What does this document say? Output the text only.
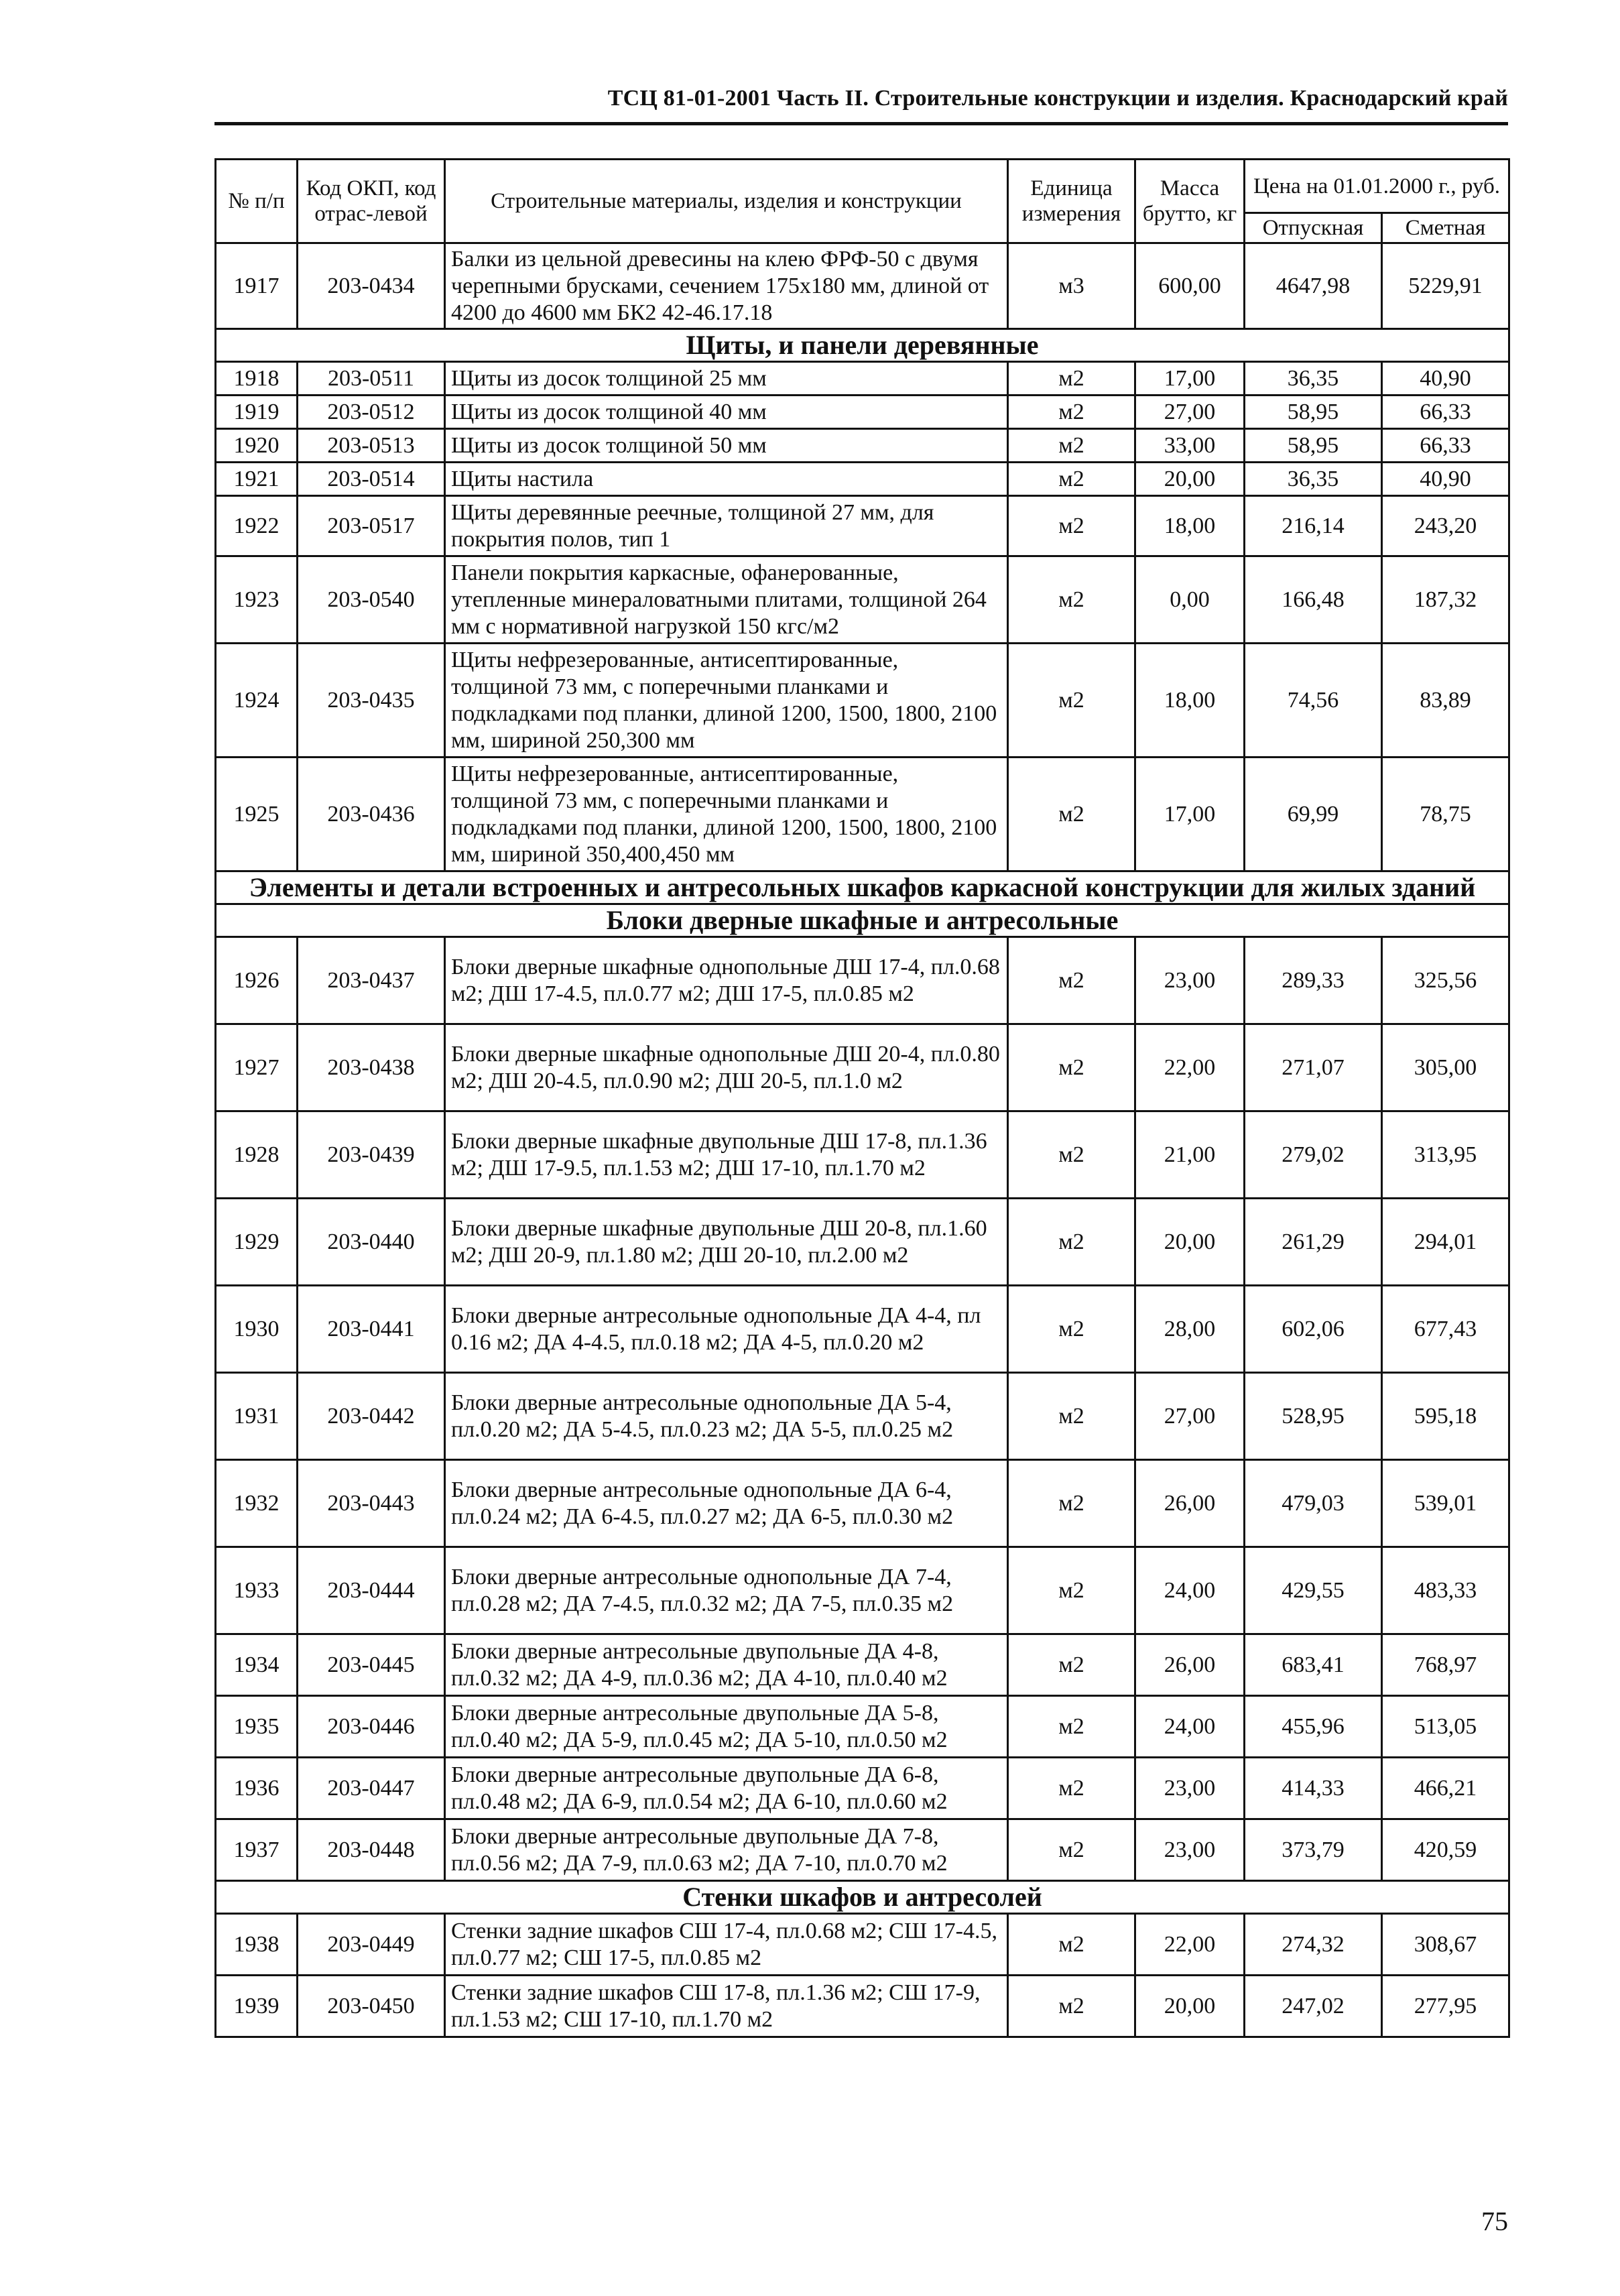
ТСЦ 81-01-2001 Часть II. Строительные конструкции и изделия. Краснодарский край
№ п/п	Код ОКП, код отрас-левой	Строительные материалы, изделия и конструкции	Единица измерения	Масса брутто, кг	Цена на 01.01.2000 г., руб.	
					Отпускная	Сметная
1917	203-0434	Балки из цельной древесины на клею ФРФ-50 с двумя черепными брусками, сечением 175х180 мм, длиной от 4200 до 4600 мм БК2 42-46.17.18	м3	600,00	4647,98	5229,91
Щиты, и панели деревянные						
1918	203-0511	Щиты из досок толщиной 25 мм	м2	17,00	36,35	40,90
1919	203-0512	Щиты из досок толщиной 40 мм	м2	27,00	58,95	66,33
1920	203-0513	Щиты из досок толщиной 50 мм	м2	33,00	58,95	66,33
1921	203-0514	Щиты настила	м2	20,00	36,35	40,90
1922	203-0517	Щиты деревянные реечные, толщиной 27 мм, для покрытия полов, тип 1	м2	18,00	216,14	243,20
1923	203-0540	Панели покрытия каркасные, офанерованные, утепленные минераловатными плитами, толщиной 264 мм с нормативной нагрузкой 150 кгс/м2	м2	0,00	166,48	187,32
1924	203-0435	Щиты нефрезерованные, антисептированные, толщиной 73 мм, с поперечными планками и подкладками под планки, длиной 1200, 1500, 1800, 2100 мм, шириной 250,300 мм	м2	18,00	74,56	83,89
1925	203-0436	Щиты нефрезерованные, антисептированные, толщиной 73 мм, с поперечными планками и подкладками под планки, длиной 1200, 1500, 1800, 2100 мм, шириной 350,400,450 мм	м2	17,00	69,99	78,75
Элементы и детали встроенных и антресольных шкафов каркасной конструкции для жилых зданий						
Блоки дверные шкафные и антресольные						
1926	203-0437	Блоки дверные шкафные однопольные ДШ 17-4, пл.0.68 м2; ДШ 17-4.5, пл.0.77 м2; ДШ 17-5, пл.0.85 м2	м2	23,00	289,33	325,56
1927	203-0438	Блоки дверные шкафные однопольные ДШ 20-4, пл.0.80 м2; ДШ 20-4.5, пл.0.90 м2; ДШ 20-5, пл.1.0 м2	м2	22,00	271,07	305,00
1928	203-0439	Блоки дверные шкафные двупольные ДШ 17-8, пл.1.36 м2; ДШ 17-9.5, пл.1.53 м2; ДШ 17-10, пл.1.70 м2	м2	21,00	279,02	313,95
1929	203-0440	Блоки дверные шкафные двупольные ДШ 20-8, пл.1.60 м2; ДШ 20-9, пл.1.80 м2; ДШ 20-10, пл.2.00 м2	м2	20,00	261,29	294,01
1930	203-0441	Блоки дверные антресольные однопольные ДА 4-4, пл 0.16 м2; ДА 4-4.5, пл.0.18 м2; ДА 4-5, пл.0.20 м2	м2	28,00	602,06	677,43
1931	203-0442	Блоки дверные антресольные однопольные ДА 5-4, пл.0.20 м2; ДА 5-4.5, пл.0.23 м2; ДА 5-5, пл.0.25 м2	м2	27,00	528,95	595,18
1932	203-0443	Блоки дверные антресольные однопольные ДА 6-4, пл.0.24 м2; ДА 6-4.5, пл.0.27 м2; ДА 6-5, пл.0.30 м2	м2	26,00	479,03	539,01
1933	203-0444	Блоки дверные антресольные однопольные ДА 7-4, пл.0.28 м2; ДА 7-4.5, пл.0.32 м2; ДА 7-5, пл.0.35 м2	м2	24,00	429,55	483,33
1934	203-0445	Блоки дверные антресольные двупольные ДА 4-8, пл.0.32 м2; ДА 4-9, пл.0.36 м2; ДА 4-10, пл.0.40 м2	м2	26,00	683,41	768,97
1935	203-0446	Блоки дверные антресольные двупольные ДА 5-8, пл.0.40 м2; ДА 5-9, пл.0.45 м2; ДА 5-10, пл.0.50 м2	м2	24,00	455,96	513,05
1936	203-0447	Блоки дверные антресольные двупольные ДА 6-8, пл.0.48 м2; ДА 6-9, пл.0.54 м2; ДА 6-10, пл.0.60 м2	м2	23,00	414,33	466,21
1937	203-0448	Блоки дверные антресольные двупольные ДА 7-8, пл.0.56 м2; ДА 7-9, пл.0.63 м2; ДА 7-10, пл.0.70 м2	м2	23,00	373,79	420,59
Стенки шкафов и антресолей						
1938	203-0449	Стенки задние шкафов СШ 17-4, пл.0.68 м2; СШ 17-4.5, пл.0.77 м2; СШ 17-5, пл.0.85 м2	м2	22,00	274,32	308,67
1939	203-0450	Стенки задние шкафов СШ 17-8, пл.1.36 м2; СШ 17-9, пл.1.53 м2; СШ 17-10, пл.1.70 м2	м2	20,00	247,02	277,95
75
